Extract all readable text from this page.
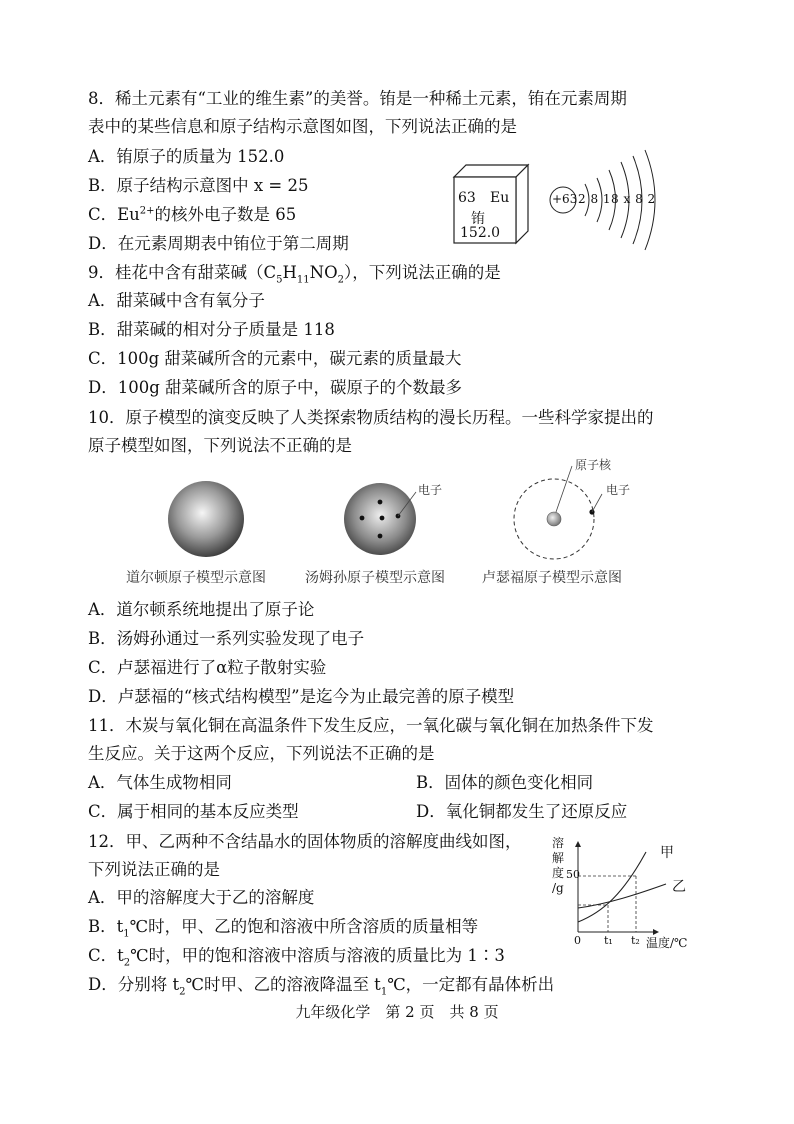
8．稀土元素有“工业的维生素”的美誉。铕是一种稀土元素，铕在元素周期
表中的某些信息和原子结构示意图如图，下列说法正确的是
A．铕原子的质量为 152.0
B．原子结构示意图中 x = 25
C．$Eu^{2+}$的核外电子数是 65
D．在元素周期表中铕位于第二周期
63 Eu
铕
152.0
+63 2 8 18 x 8 2
9．桂花中含有甜菜碱$(C_5H_{11}NO_2)$，下列说法正确的是
A．甜菜碱中含有氧分子
B．甜菜碱的相对分子质量是 118
C．100g 甜菜碱所含的元素中，碳元素的质量最大
D．100g 甜菜碱所含的原子中，碳原子的个数最多
10．原子模型的演变反映了人类探索物质结构的漫长历程。一些科学家提出的
原子模型如图，下列说法不正确的是
电子
原子核
电子
道尔顿原子模型示意图	汤姆孙原子模型示意图	卢瑟福原子模型示意图
A．道尔顿系统地提出了原子论
B．汤姆孙通过一系列实验发现了电子
C．卢瑟福进行了α粒子散射实验
D．卢瑟福的“核式结构模型”是迄今为止最完善的原子模型
11．木炭与氧化铜在高温条件下发生反应，一氧化碳与氧化铜在加热条件下发
生反应。关于这两个反应，下列说法不正确的是
A．气体生成物相同	B．固体的颜色变化相同
C．属于相同的基本反应类型	D．氧化铜都发生了还原反应
12．甲、乙两种不含结晶水的固体物质的溶解度曲线如图，
下列说法正确的是
A．甲的溶解度大于乙的溶解度
B．$t_1℃$时，甲、乙的饱和溶液中所含溶质的质量相等
C．$t_2℃$时，甲的饱和溶液中溶质与溶液的质量比为 1∶3
D．分别将 $t_2℃$时甲、乙的溶液降温至 $t_1℃$，一定都有晶体析出
溶
解
度
/g
50
0 t₁ t₂ 温度/℃
甲
乙
九年级化学　第 2 页　共 8 页
